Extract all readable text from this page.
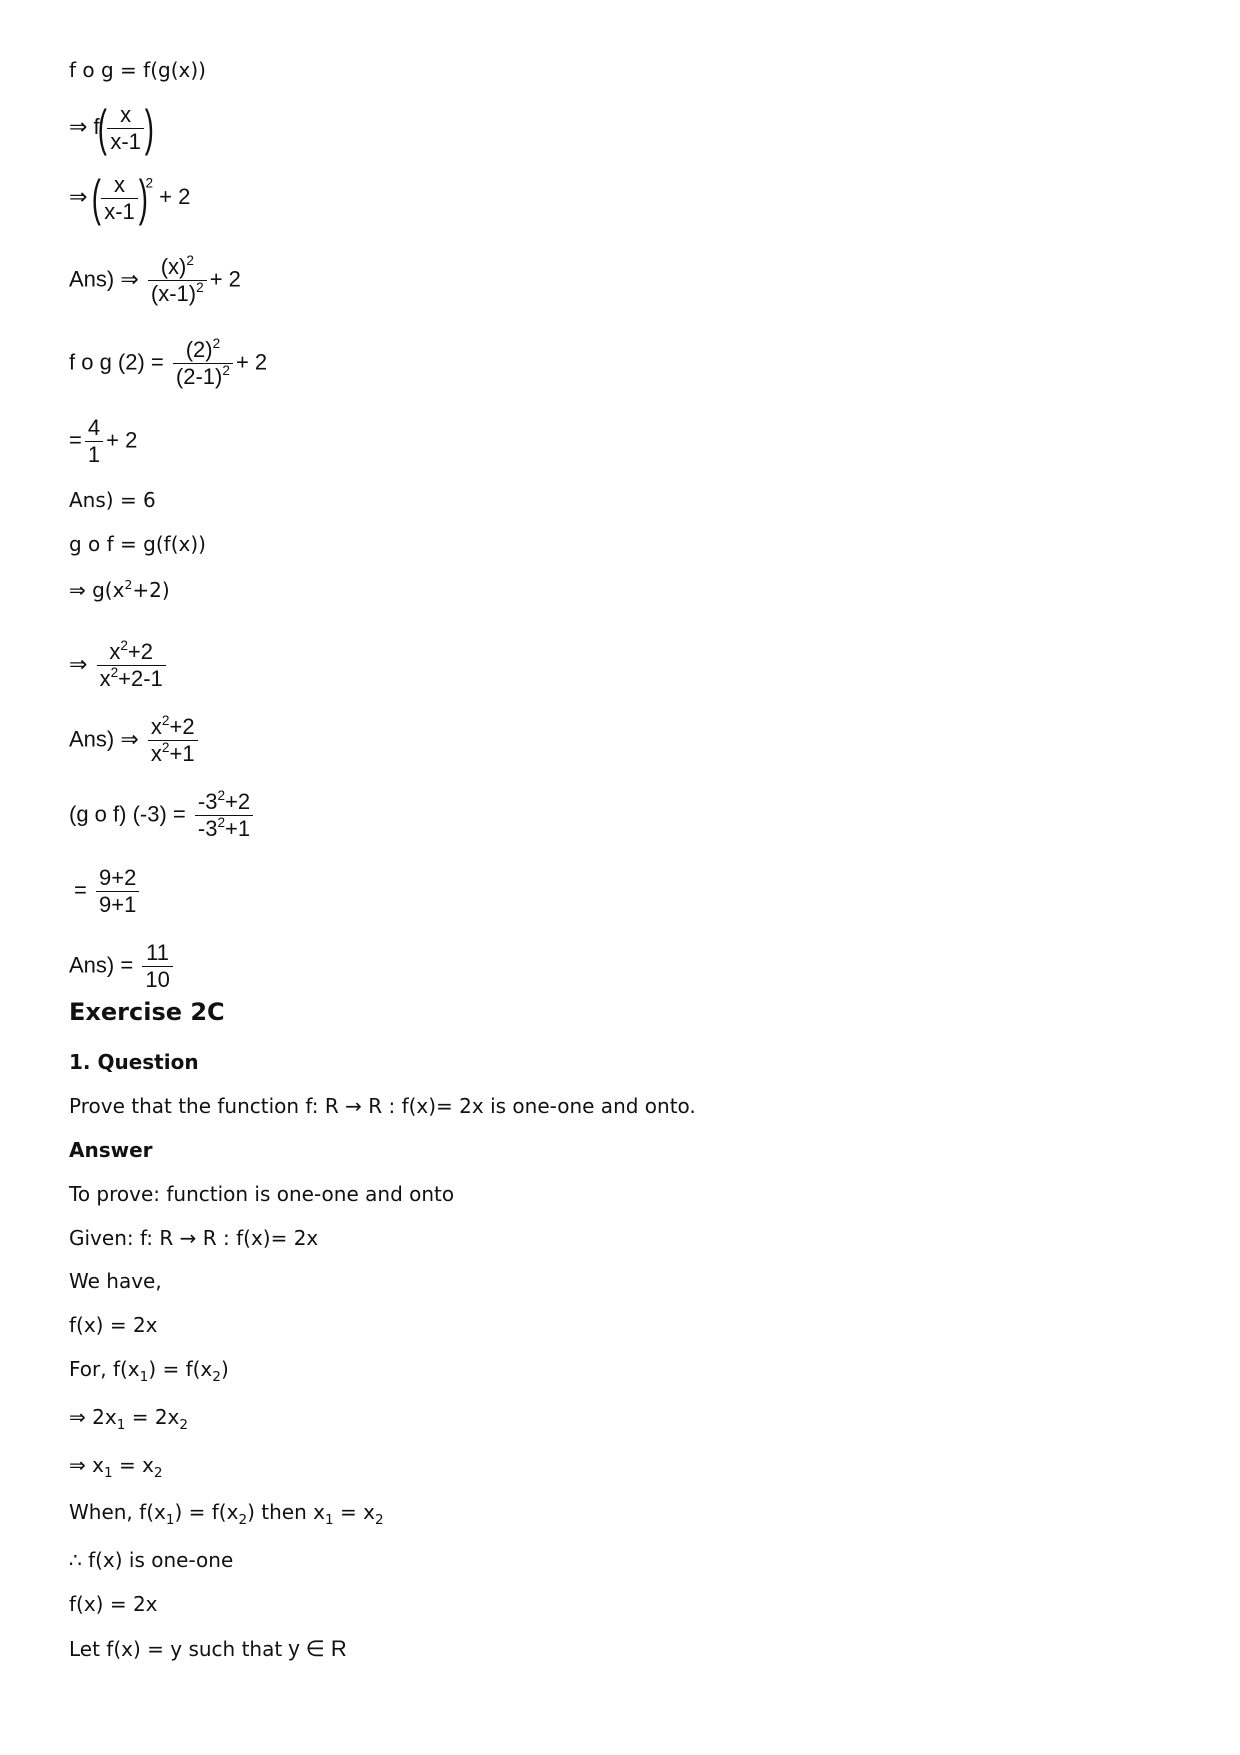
f o g = f(g(x))
⇒ $f( \frac{x}{x-1}$ )
⇒ ( $\frac{x}{x-1} )^2 + 2$
Ans) ⇒ $\frac{(x)^2}{(x-1)^2} + 2$
f o g $(2) = \frac{(2)^2}{(2-1)^2} + 2$
= $\frac{4}{1} + 2$
Ans) = 6
g o f = g(f(x))
⇒ $g(x^2+2)$
⇒ $\frac{x^2+2}{x^2+2-1}$
Ans) ⇒ $\frac{x^2+2}{x^2+1}$
(g o f) $(-3) = \frac{-3^2+2}{-3^2+1}$
= $\frac{9+2}{9+1}$
$Ans) = \frac{11}{10}$
Exercise 2C
1. Question
Prove that the function f: R → R : f(x)= 2x is one-one and onto.
Answer
To prove: function is one-one and onto
Given: f: R → R : f(x)= 2x
We have,
f(x) = 2x
For, $f(x_1) = f(x_2)$
⇒ $2x_1 = 2x_2$
⇒ $x_1 = x_2$
When, $f(x_1) = f(x_2)$ then $x_1 = x_2$
∴ f(x) is one-one
f(x) = 2x
Let f(x) = y such that y ∈ R
